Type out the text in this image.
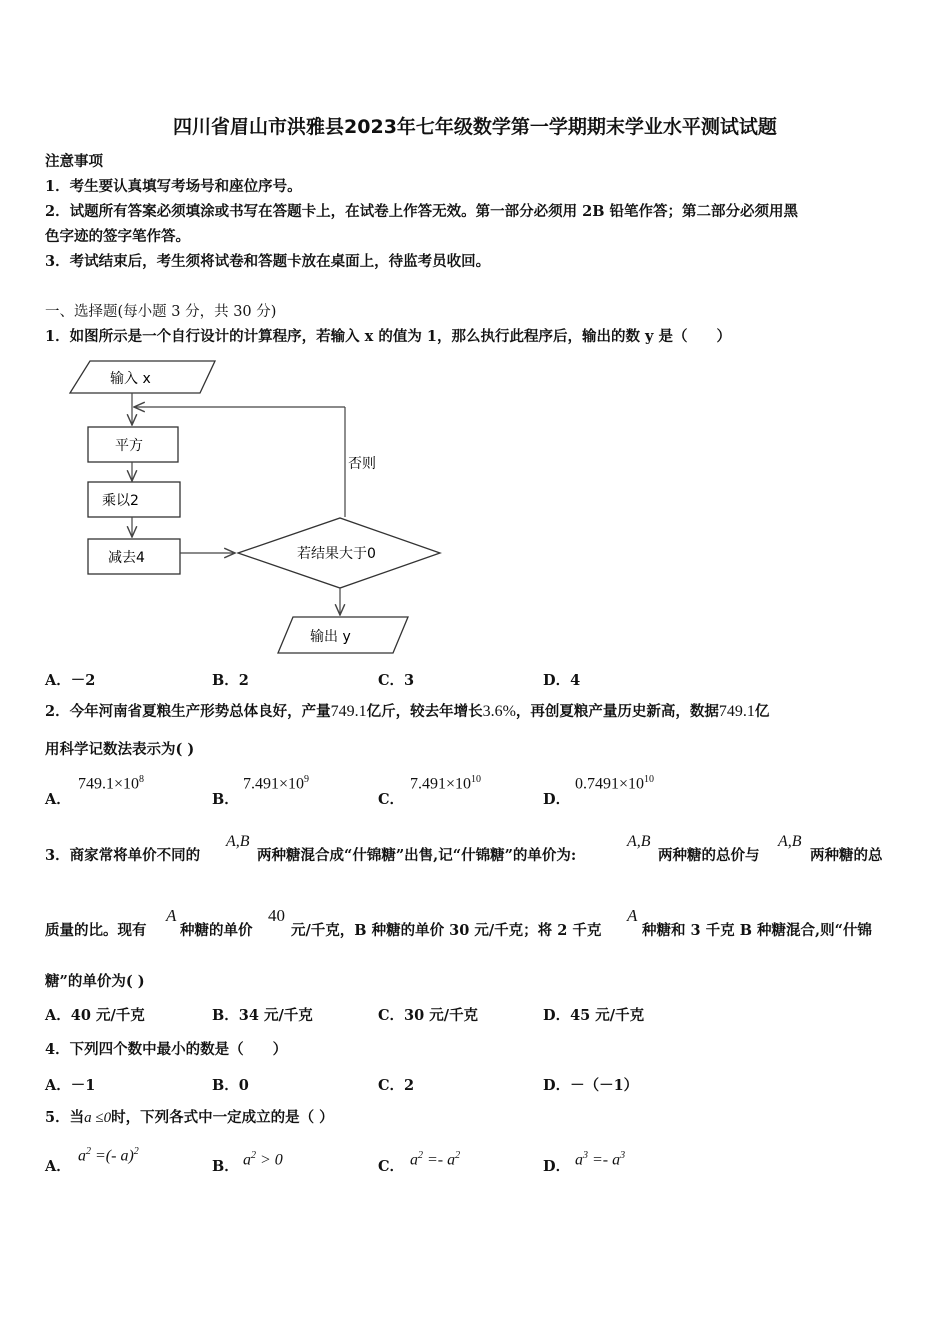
四川省眉山市洪雅县2023年七年级数学第一学期期末学业水平测试试题
注意事项
1．考生要认真填写考场号和座位序号。
2．试题所有答案必须填涂或书写在答题卡上，在试卷上作答无效。第一部分必须用 2B 铅笔作答；第二部分必须用黑
色字迹的签字笔作答。
3．考试结束后，考生须将试卷和答题卡放在桌面上，待监考员收回。
一、选择题(每小题 3 分，共 30 分)
1．如图所示是一个自行设计的计算程序，若输入 x 的值为 1，那么执行此程序后，输出的数 y 是（　　）
输入 x
否则
平方
乘以2
减去4	若结果大于0
输出 y
A．－2	B．2	C．3	D．4
2．今年河南省夏粮生产形势总体良好，产量749.1亿斤，较去年增长3.6%，再创夏粮产量历史新高，数据749.1亿
用科学记数法表示为( )
A．
$749.1\times 10^8$
B．
$7.491\times 10^9$
C．
$7.491\times 10^{10}$
D．
$0.7491\times 10^{10}$
3．商家常将单价不同的
A,B
两种糖混合成“什锦糖”出售,记“什锦糖”的单价为:
A,B
两种糖的总价与
A,B
两种糖的总
质量的比。现有
A
种糖的单价
40
元/千克，B 种糖的单价 30 元/千克；将 2 千克
A
种糖和 3 千克 B 种糖混合,则“什锦
糖”的单价为( )
A．40 元/千克	B．34 元/千克	C．30 元/千克	D．45 元/千克
4．下列四个数中最小的数是（　　）
A．－1	B．0	C．2	D．－（－1）
5．当a ≤0时，下列各式中一定成立的是（ ）
A．
$a^2$ =(- a)$^2$
B． $a^2 > 0$	C． $a^2 =- a^2$
D． $a^3 =- a^3$
